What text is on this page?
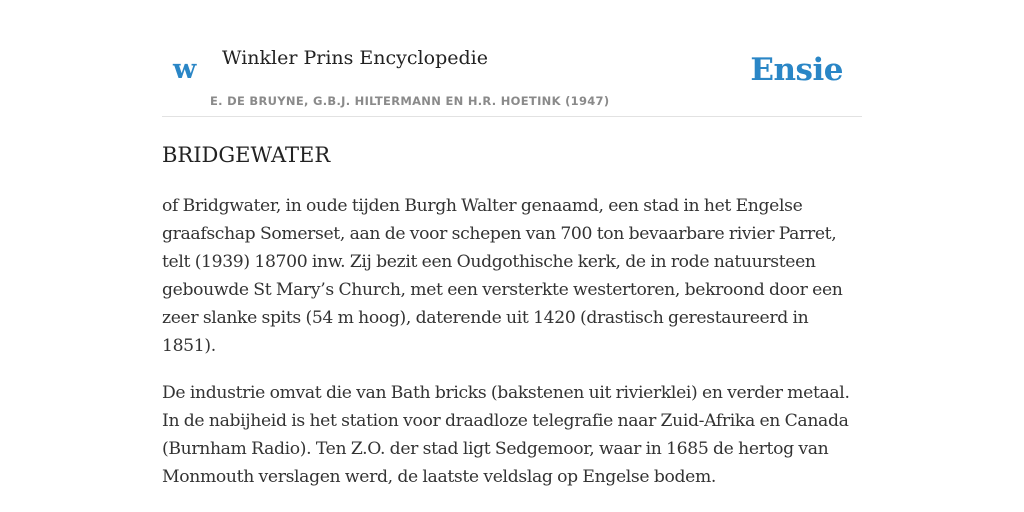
w Winkler Prins Encyclopedie
E. DE BRUYNE, G.B.J. HILTERMANN EN H.R. HOETINK (1947)
Ensie
BRIDGEWATER

of Bridgwater, in oude tijden Burgh Walter genaamd, een stad in het Engelse graafschap Somerset, aan de voor schepen van 700 ton bevaarbare rivier Parret, telt (1939) 18700 inw. Zij bezit een Oudgothische kerk, de in rode natuursteen gebouwde St Mary’s Church, met een versterkte westertoren, bekroond door een zeer slanke spits (54 m hoog), daterende uit 1420 (drastisch gerestaureerd in 1851).

De industrie omvat die van Bath bricks (bakstenen uit rivierklei) en verder metaal. In de nabijheid is het station voor draadloze telegrafie naar Zuid-Afrika en Canada (Burnham Radio). Ten Z.O. der stad ligt Sedgemoor, waar in 1685 de hertog van Monmouth verslagen werd, de laatste veldslag op Engelse bodem.
